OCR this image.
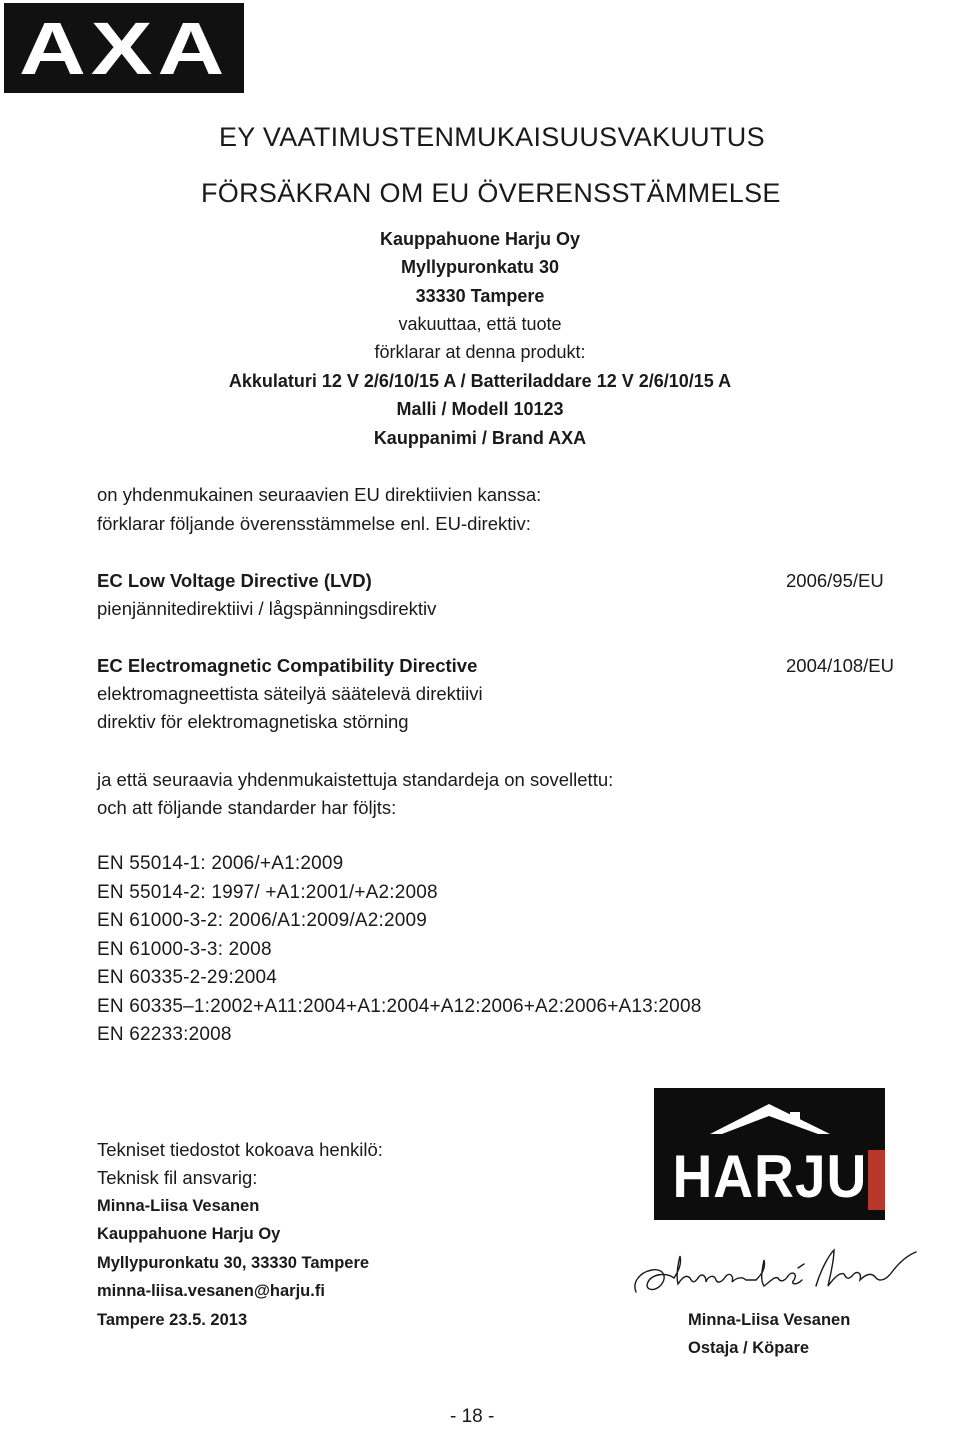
AXA
EY VAATIMUSTENMUKAISUUSVAKUUTUS
FÖRSÄKRAN OM EU ÖVERENSSTÄMMELSE
Kauppahuone Harju Oy
Myllypuronkatu 30
33330 Tampere
vakuuttaa, että tuote
förklarar at denna produkt:
Akkulaturi 12 V 2/6/10/15 A / Batteriladdare 12 V 2/6/10/15 A
Malli / Modell 10123
Kauppanimi / Brand AXA
on yhdenmukainen seuraavien EU direktiivien kanssa:
förklarar följande överensstämmelse enl. EU-direktiv:
EC Low Voltage Directive (LVD)
pienjännitedirektiivi / lågspänningsdirektiv
2006/95/EU
EC Electromagnetic Compatibility Directive
elektromagneettista säteilyä säätelevä direktiivi
direktiv för elektromagnetiska störning
2004/108/EU
ja että seuraavia yhdenmukaistettuja standardeja on sovellettu:
och att följande standarder har följts:
EN 55014-1: 2006/+A1:2009
EN 55014-2: 1997/ +A1:2001/+A2:2008
EN 61000-3-2: 2006/A1:2009/A2:2009
EN 61000-3-3: 2008
EN 60335-2-29:2004
EN 60335–1:2002+A11:2004+A1:2004+A12:2006+A2:2006+A13:2008
EN 62233:2008
Tekniset tiedostot kokoava henkilö:
Teknisk fil ansvarig:
Minna-Liisa Vesanen
Kauppahuone Harju Oy
Myllypuronkatu 30, 33330 Tampere
minna-liisa.vesanen@harju.fi
Tampere 23.5. 2013
HARJU
Minna-Liisa Vesanen
Ostaja / Köpare
- 18 -
